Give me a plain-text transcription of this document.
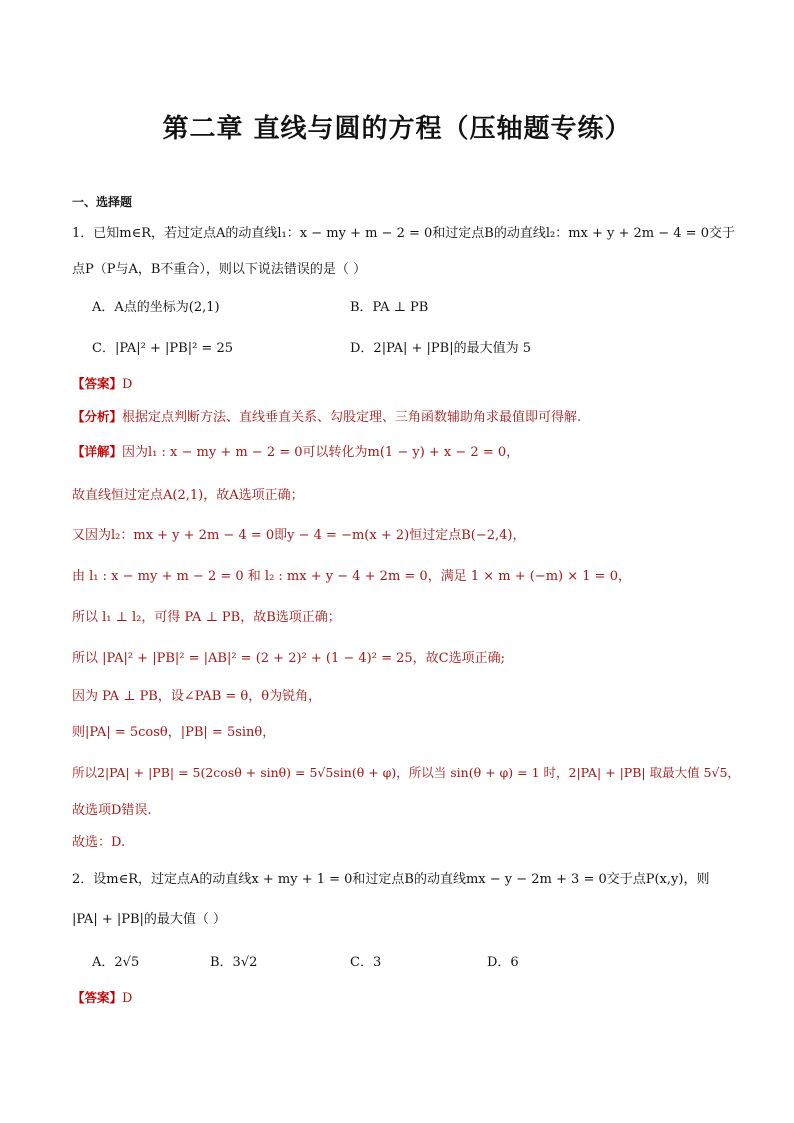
第二章 直线与圆的方程（压轴题专练）
一、选择题
1．已知m∈R，若过定点A的动直线l₁：x − my + m − 2 = 0和过定点B的动直线l₂：mx + y + 2m − 4 = 0交于
点P（P与A，B不重合），则以下说法错误的是（ ）
A．A点的坐标为(2,1)	B．PA ⊥ PB
C．|PA|² + |PB|² = 25	D．2|PA| + |PB|的最大值为 5
【答案】D
【分析】根据定点判断方法、直线垂直关系、勾股定理、三角函数辅助角求最值即可得解.
【详解】因为l₁ : x − my + m − 2 = 0可以转化为m(1 − y) + x − 2 = 0，
故直线恒过定点A(2,1)，故A选项正确；
又因为l₂：mx + y + 2m − 4 = 0即y − 4 = −m(x + 2)恒过定点B(−2,4)，
由 l₁ : x − my + m − 2 = 0 和 l₂ : mx + y − 4 + 2m = 0，满足 1 × m + (−m) × 1 = 0，
所以 l₁ ⊥ l₂，可得 PA ⊥ PB，故B选项正确；
所以 |PA|² + |PB|² = |AB|² = (2 + 2)² + (1 − 4)² = 25，故C选项正确;
因为 PA ⊥ PB，设∠PAB = θ，θ为锐角，
则|PA| = 5cosθ，|PB| = 5sinθ，
所以2|PA| + |PB| = 5(2cosθ + sinθ) = 5√5sin(θ + φ)，所以当 sin(θ + φ) = 1 时，2|PA| + |PB| 取最大值 5√5，
故选项D错误.
故选：D.
2．设m∈R，过定点A的动直线x + my + 1 = 0和过定点B的动直线mx − y − 2m + 3 = 0交于点P(x,y)，则
|PA| + |PB|的最大值（ ）
A．2√5	B．3√2	C．3	D．6
【答案】D
